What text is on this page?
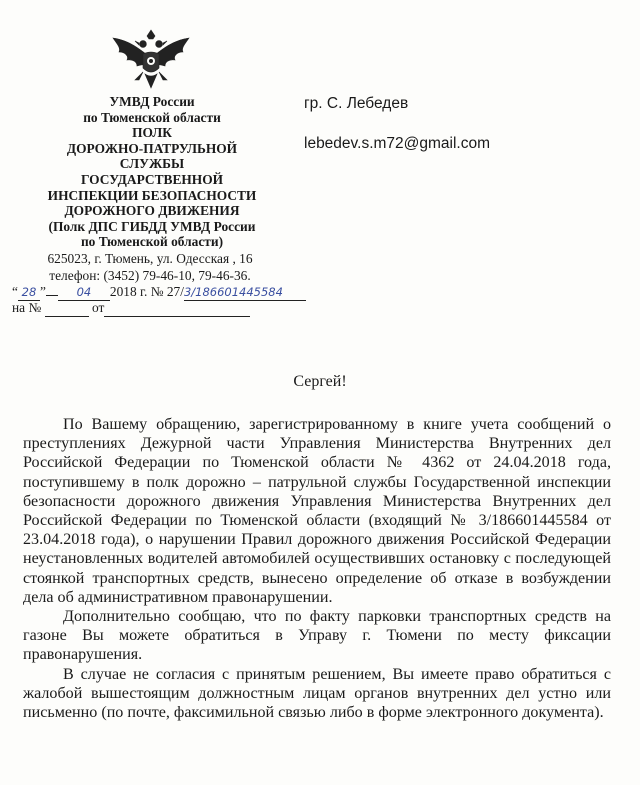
УМВД России
по Тюменской области
ПОЛК
ДОРОЖНО-ПАТРУЛЬНОЙ
СЛУЖБЫ
ГОСУДАРСТВЕННОЙ
ИНСПЕКЦИИ БЕЗОПАСНОСТИ
ДОРОЖНОГО ДВИЖЕНИЯ
(Полк ДПС ГИБДД УМВД России
по Тюменской области)
625023, г. Тюмень, ул. Одесская , 16
телефон: (3452) 79-46-10, 79-46-36.
“ 28 ”	04 2018 г. № 27/3/186601445584
на №	от
гр. С. Лебедев
lebedev.s.m72@gmail.com
Сергей!

По Вашему обращению, зарегистрированному в книге учета сообщений о преступлениях Дежурной части Управления Министерства Внутренних дел Российской Федерации по Тюменской области № 4362 от 24.04.2018 года, поступившему в полк дорожно – патрульной службы Государственной инспекции безопасности дорожного движения Управления Министерства Внутренних дел Российской Федерации по Тюменской области (входящий № 3/186601445584 от 23.04.2018 года), о нарушении Правил дорожного движения Российской Федерации неустановленных водителей автомобилей осуществивших остановку с последующей стоянкой транспортных средств, вынесено определение об отказе в возбуждении дела об административном правонарушении.

Дополнительно сообщаю, что по факту парковки транспортных средств на газоне Вы можете обратиться в Управу г. Тюмени по месту фиксации правонарушения.

В случае не согласия с принятым решением, Вы имеете право обратиться с жалобой вышестоящим должностным лицам органов внутренних дел устно или письменно (по почте, факсимильной связью либо в форме электронного документа).
